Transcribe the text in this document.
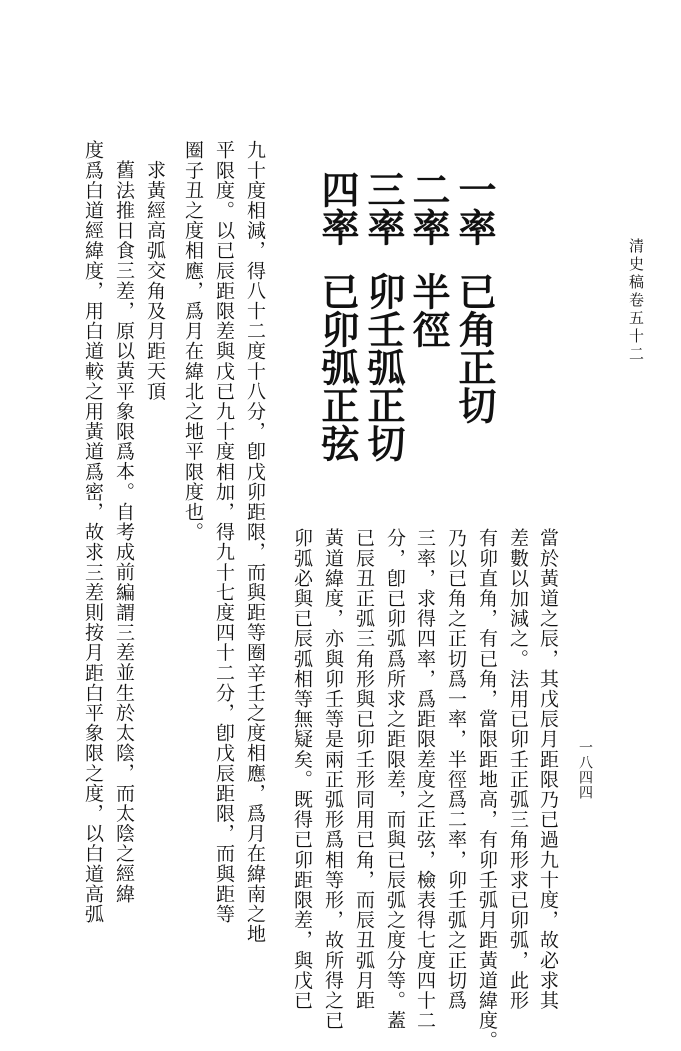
清史稿卷五十二
一八四四
當於黃道之辰，其戊辰月距限乃已過九十度，故必求其
差數以加減之。法用已卯壬正弧三角形求已卯弧，此形
有卯直角，有已角，當限距地高，有卯壬弧月距黃道緯度。
乃以已角之正切爲一率，半徑爲二率，卯壬弧之正切爲
三率，求得四率，爲距限差度之正弦，檢表得七度四十二
分，卽已卯弧爲所求之距限差，而與已辰弧之度分等。蓋
已辰丑正弧三角形與已卯壬形同用已角，而辰丑弧月距
黃道緯度，亦與卯壬等是兩正弧形爲相等形，故所得之已
卯弧必與已辰弧相等無疑矣。既得已卯距限差，與戊已
一率已角正切
二率半徑
三率卯壬弧正切
四率已卯弧正弦
九十度相減，得八十二度十八分，卽戊卯距限，而與距等圈辛壬之度相應，爲月在緯南之地
平限度。以已辰距限差與戊已九十度相加，得九十七度四十二分，卽戊辰距限，而與距等
圈子丑之度相應，爲月在緯北之地平限度也。
求黃經高弧交角及月距天頂
舊法推日食三差，原以黃平象限爲本。自考成前編謂三差並生於太陰，而太陰之經緯
度爲白道經緯度，用白道較之用黃道爲密，故求三差則按月距白平象限之度，以白道高弧
